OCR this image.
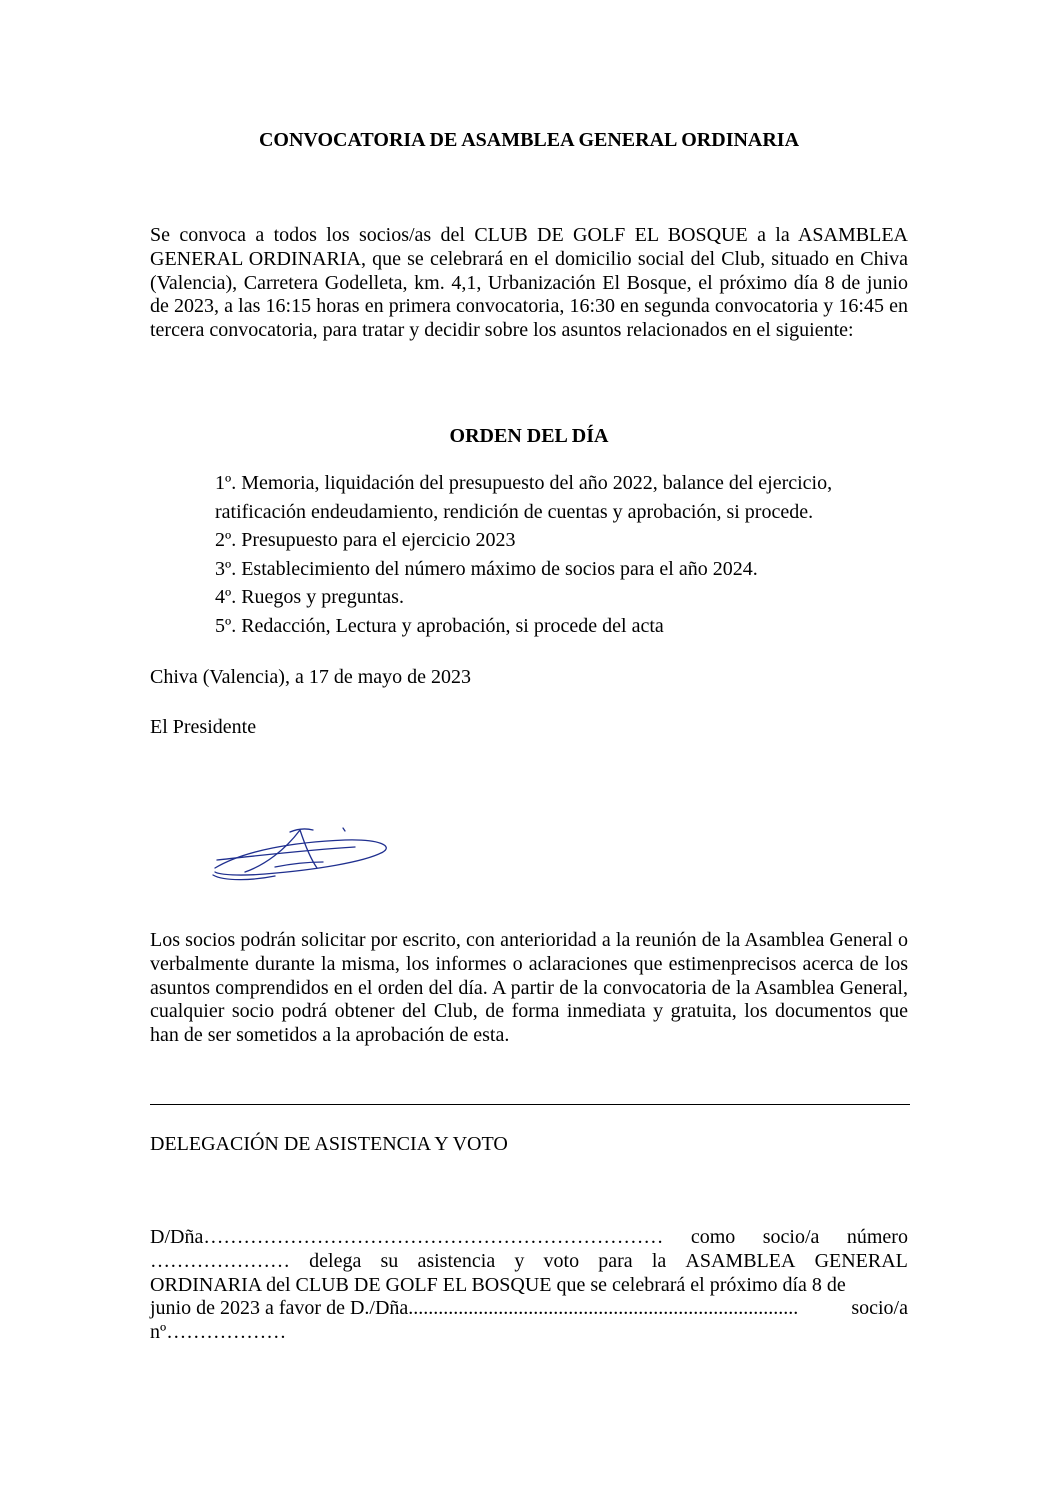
CONVOCATORIA DE ASAMBLEA GENERAL ORDINARIA

Se convoca a todos los socios/as del CLUB DE GOLF EL BOSQUE a la ASAMBLEA GENERAL ORDINARIA, que se celebrará en el domicilio social del Club, situado en Chiva (Valencia), Carretera Godelleta, km. 4,1, Urbanización El Bosque, el próximo día 8 de junio de 2023, a las 16:15 horas en primera convocatoria, 16:30 en segunda convocatoria y 16:45 en tercera convocatoria, para tratar y decidir sobre los asuntos relacionados en el siguiente:

ORDEN DEL DÍA
1º. Memoria, liquidación del presupuesto del año 2022, balance del ejercicio,
ratificación endeudamiento, rendición de cuentas y aprobación, si procede.
2º. Presupuesto para el ejercicio 2023
3º. Establecimiento del número máximo de socios para el año 2024.
4º. Ruegos y preguntas.
5º. Redacción, Lectura y aprobación, si procede del acta
Chiva (Valencia), a 17 de mayo de 2023
El Presidente

Los socios podrán solicitar por escrito, con anterioridad a la reunión de la Asamblea General o verbalmente durante la misma, los informes o aclaraciones que estimenprecisos acerca de los asuntos comprendidos en el orden del día. A partir de la convocatoria de la Asamblea General, cualquier socio podrá obtener del Club, de forma inmediata y gratuita, los documentos que han de ser sometidos a la aprobación de esta.

DELEGACIÓN DE ASISTENCIA Y VOTO
D/Dña…………………………………………………………… como socio/a número
………………… delega su asistencia y voto para la ASAMBLEA GENERAL
ORDINARIA del CLUB DE GOLF EL BOSQUE que se celebrará el próximo día 8 de
junio de 2023 a favor de D./Dña..............................................................................	socio/a
nº………………
